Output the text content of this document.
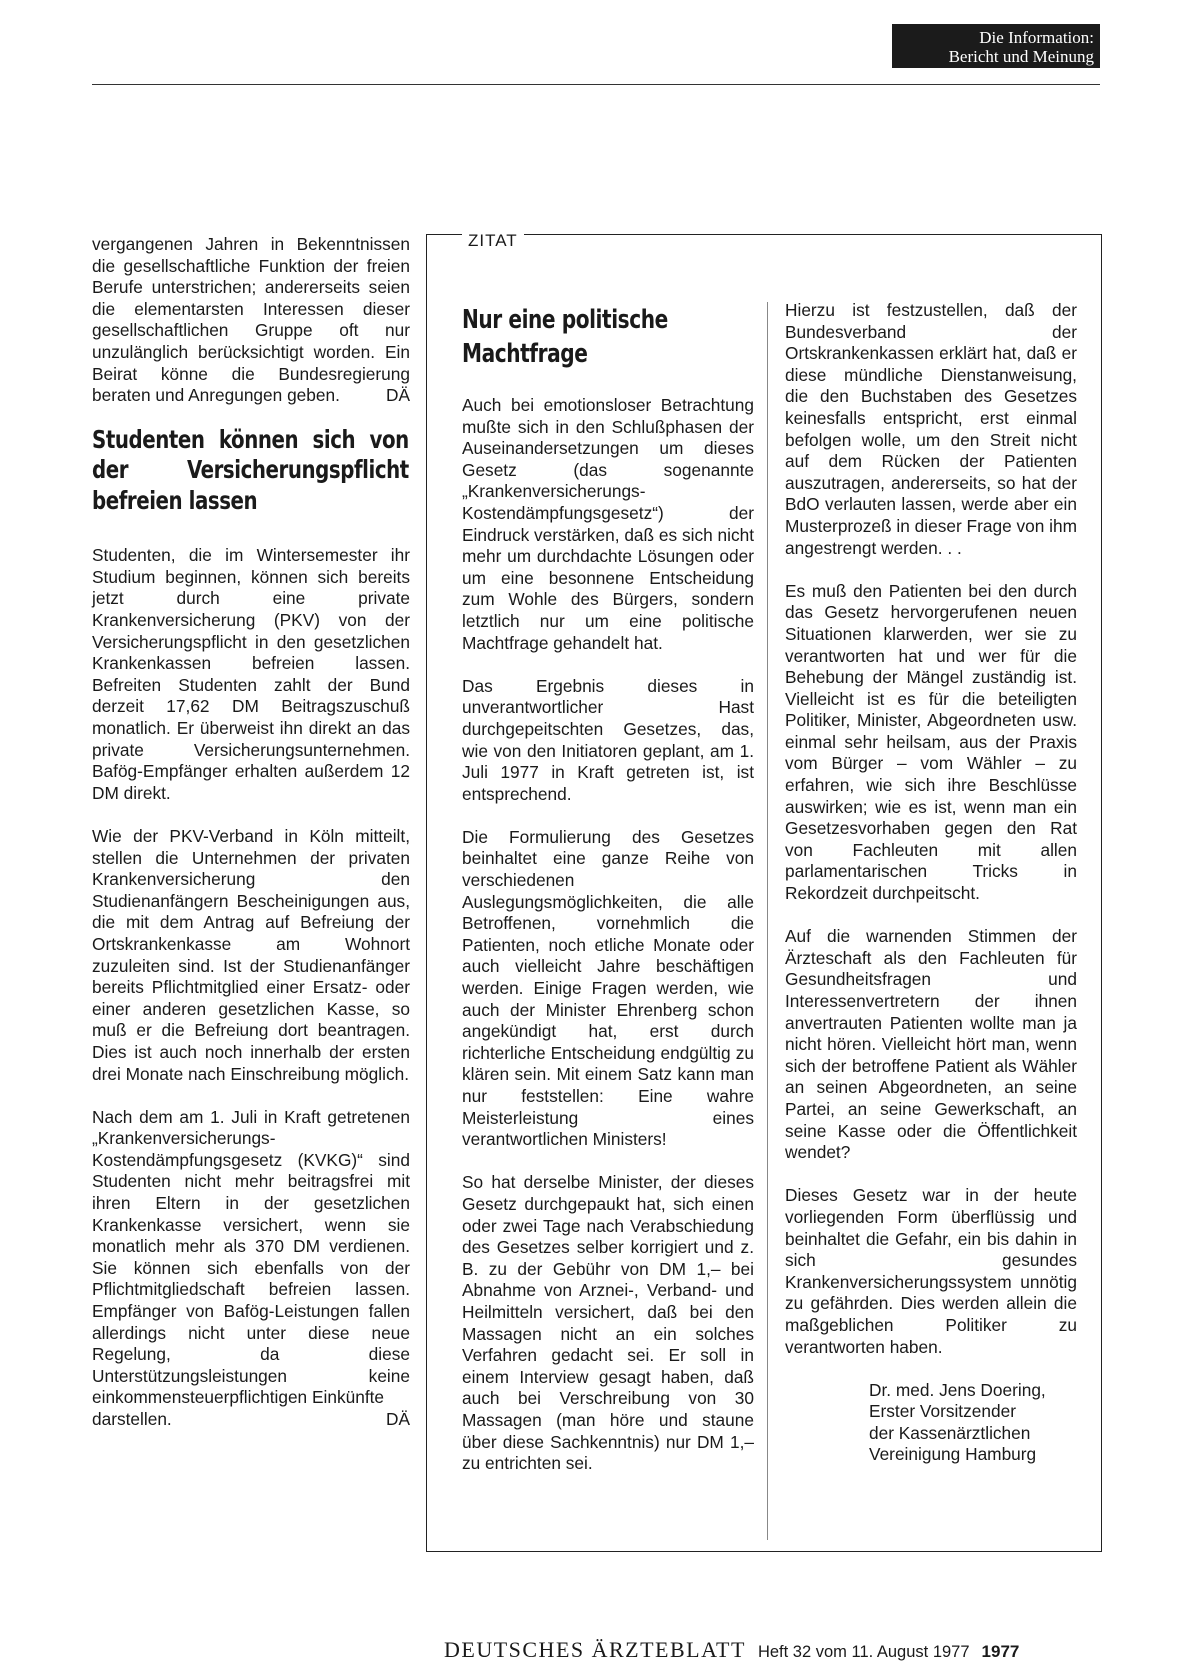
Die Information:
Bericht und Meinung

vergangenen Jahren in Bekenntnissen die gesellschaftliche Funktion der freien Berufe unterstrichen; andererseits seien die elementarsten Interessen dieser gesellschaftlichen Gruppe oft nur unzulänglich berücksichtigt worden. Ein Beirat könne die Bundesregierung beraten und Anregungen geben.	DÄ
Studenten können sich von der Versicherungspflicht befreien lassen

Studenten, die im Wintersemester ihr Studium beginnen, können sich bereits jetzt durch eine private Krankenversicherung (PKV) von der Versicherungspflicht in den gesetzlichen Krankenkassen befreien lassen. Befreiten Studenten zahlt der Bund derzeit 17,62 DM Beitragszuschuß monatlich. Er überweist ihn direkt an das private Versicherungsunternehmen. Bafög-Empfänger erhalten außerdem 12 DM direkt.

Wie der PKV-Verband in Köln mitteilt, stellen die Unternehmen der privaten Krankenversicherung den Studienanfängern Bescheinigungen aus, die mit dem Antrag auf Befreiung der Ortskrankenkasse am Wohnort zuzuleiten sind. Ist der Studienanfänger bereits Pflichtmitglied einer Ersatz- oder einer anderen gesetzlichen Kasse, so muß er die Befreiung dort beantragen. Dies ist auch noch innerhalb der ersten drei Monate nach Einschreibung möglich.

Nach dem am 1. Juli in Kraft getretenen „Krankenversicherungs-Kostendämpfungsgesetz (KVKG)“ sind Studenten nicht mehr beitragsfrei mit ihren Eltern in der gesetzlichen Krankenkasse versichert, wenn sie monatlich mehr als 370 DM verdienen. Sie können sich ebenfalls von der Pflichtmitgliedschaft befreien lassen. Empfänger von Bafög-Leistungen fallen allerdings nicht unter diese neue Regelung, da diese Unterstützungsleistungen keine einkommensteuerpflichtigen Einkünfte

darstellen.	DÄ
ZITAT
Nur eine politische Machtfrage

Auch bei emotionsloser Betrachtung mußte sich in den Schlußphasen der Auseinandersetzungen um dieses Gesetz (das sogenannte „Krankenversicherungs-Kostendämpfungsgesetz“) der Eindruck verstärken, daß es sich nicht mehr um durchdachte Lösungen oder um eine besonnene Entscheidung zum Wohle des Bürgers, sondern letztlich nur um eine politische Machtfrage gehandelt hat.

Das Ergebnis dieses in unverantwortlicher Hast durchgepeitschten Gesetzes, das, wie von den Initiatoren geplant, am 1. Juli 1977 in Kraft getreten ist, ist entsprechend.

Die Formulierung des Gesetzes beinhaltet eine ganze Reihe von verschiedenen Auslegungsmöglichkeiten, die alle Betroffenen, vornehmlich die Patienten, noch etliche Monate oder auch vielleicht Jahre beschäftigen werden. Einige Fragen werden, wie auch der Minister Ehrenberg schon angekündigt hat, erst durch richterliche Entscheidung endgültig zu klären sein. Mit einem Satz kann man nur feststellen: Eine wahre Meisterleistung eines verantwortlichen Ministers!

So hat derselbe Minister, der dieses Gesetz durchgepaukt hat, sich einen oder zwei Tage nach Verabschiedung des Gesetzes selber korrigiert und z. B. zu der Gebühr von DM 1,– bei Abnahme von Arznei-, Verband- und Heilmitteln versichert, daß bei den Massagen nicht an ein solches Verfahren gedacht sei. Er soll in einem Interview gesagt haben, daß auch bei Verschreibung von 30 Massagen (man höre und staune über diese Sachkenntnis) nur DM 1,– zu entrichten sei.

Hierzu ist festzustellen, daß der Bundesverband der Ortskrankenkassen erklärt hat, daß er diese mündliche Dienstanweisung, die den Buchstaben des Gesetzes keinesfalls entspricht, erst einmal befolgen wolle, um den Streit nicht auf dem Rücken der Patienten auszutragen, andererseits, so hat der BdO verlauten lassen, werde aber ein Musterprozeß in dieser Frage von ihm angestrengt werden. . .

Es muß den Patienten bei den durch das Gesetz hervorgerufenen neuen Situationen klarwerden, wer sie zu verantworten hat und wer für die Behebung der Mängel zuständig ist. Vielleicht ist es für die beteiligten Politiker, Minister, Abgeordneten usw. einmal sehr heilsam, aus der Praxis vom Bürger – vom Wähler – zu erfahren, wie sich ihre Beschlüsse auswirken; wie es ist, wenn man ein Gesetzesvorhaben gegen den Rat von Fachleuten mit allen parlamentarischen Tricks in Rekordzeit durchpeitscht.

Auf die warnenden Stimmen der Ärzteschaft als den Fachleuten für Gesundheitsfragen und Interessenvertretern der ihnen anvertrauten Patienten wollte man ja nicht hören. Vielleicht hört man, wenn sich der betroffene Patient als Wähler an seinen Abgeordneten, an seine Partei, an seine Gewerkschaft, an seine Kasse oder die Öffentlichkeit wendet?

Dieses Gesetz war in der heute vorliegenden Form überflüssig und beinhaltet die Gefahr, ein bis dahin in sich gesundes Krankenversicherungssystem unnötig zu gefährden. Dies werden allein die maßgeblichen Politiker zu verantworten haben.

Dr. med. Jens Doering,
Erster Vorsitzender
der Kassenärztlichen
Vereinigung Hamburg
DEUTSCHES ÄRZTEBLATT Heft 32 vom 11. August 1977 1977
